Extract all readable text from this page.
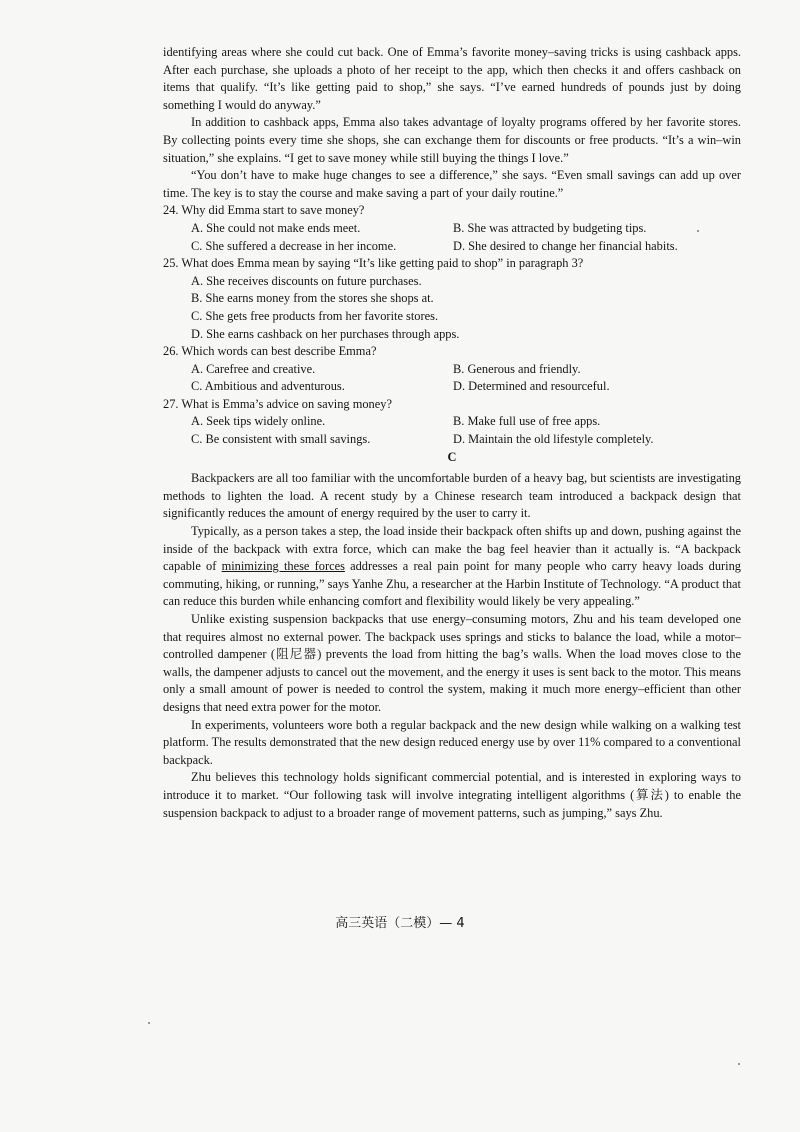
identifying areas where she could cut back. One of Emma’s favorite money–saving tricks is using cashback apps. After each purchase, she uploads a photo of her receipt to the app, which then checks it and offers cashback on items that qualify. “It’s like getting paid to shop,” she says. “I’ve earned hundreds of pounds just by doing something I would do anyway.”

In addition to cashback apps, Emma also takes advantage of loyalty programs offered by her favorite stores. By collecting points every time she shops, she can exchange them for discounts or free products. “It’s a win–win situation,” she explains. “I get to save money while still buying the things I love.”

“You don’t have to make huge changes to see a difference,” she says. “Even small savings can add up over time. The key is to stay the course and make saving a part of your daily routine.”

24. Why did Emma start to save money?
A. She could not make ends meet.	B. She was attracted by budgeting tips.
C. She suffered a decrease in her income.	D. She desired to change her financial habits.
25. What does Emma mean by saying “It’s like getting paid to shop” in paragraph 3?
A. She receives discounts on future purchases.
B. She earns money from the stores she shops at.
C. She gets free products from her favorite stores.
D. She earns cashback on her purchases through apps.
26. Which words can best describe Emma?
A. Carefree and creative.	B. Generous and friendly.
C. Ambitious and adventurous.	D. Determined and resourceful.
27. What is Emma’s advice on saving money?
A. Seek tips widely online.	B. Make full use of free apps.
C. Be consistent with small savings.	D. Maintain the old lifestyle completely.
C

Backpackers are all too familiar with the uncomfortable burden of a heavy bag, but scientists are investigating methods to lighten the load. A recent study by a Chinese research team introduced a backpack design that significantly reduces the amount of energy required by the user to carry it.

Typically, as a person takes a step, the load inside their backpack often shifts up and down, pushing against the inside of the backpack with extra force, which can make the bag feel heavier than it actually is. “A backpack capable of minimizing these forces addresses a real pain point for many people who carry heavy loads during commuting, hiking, or running,” says Yanhe Zhu, a researcher at the Harbin Institute of Technology. “A product that can reduce this burden while enhancing comfort and flexibility would likely be very appealing.”

Unlike existing suspension backpacks that use energy–consuming motors, Zhu and his team developed one that requires almost no external power. The backpack uses springs and sticks to balance the load, while a motor–controlled dampener (阻尼器) prevents the load from hitting the bag’s walls. When the load moves close to the walls, the dampener adjusts to cancel out the movement, and the energy it uses is sent back to the motor. This means only a small amount of power is needed to control the system, making it much more energy–efficient than other designs that need extra power for the motor.

In experiments, volunteers wore both a regular backpack and the new design while walking on a walking test platform. The results demonstrated that the new design reduced energy use by over 11% compared to a conventional backpack.

Zhu believes this technology holds significant commercial potential, and is interested in exploring ways to introduce it to market. “Our following task will involve integrating intelligent algorithms (算法) to enable the suspension backpack to adjust to a broader range of movement patterns, such as jumping,” says Zhu.

高三英语（二模）— 4
